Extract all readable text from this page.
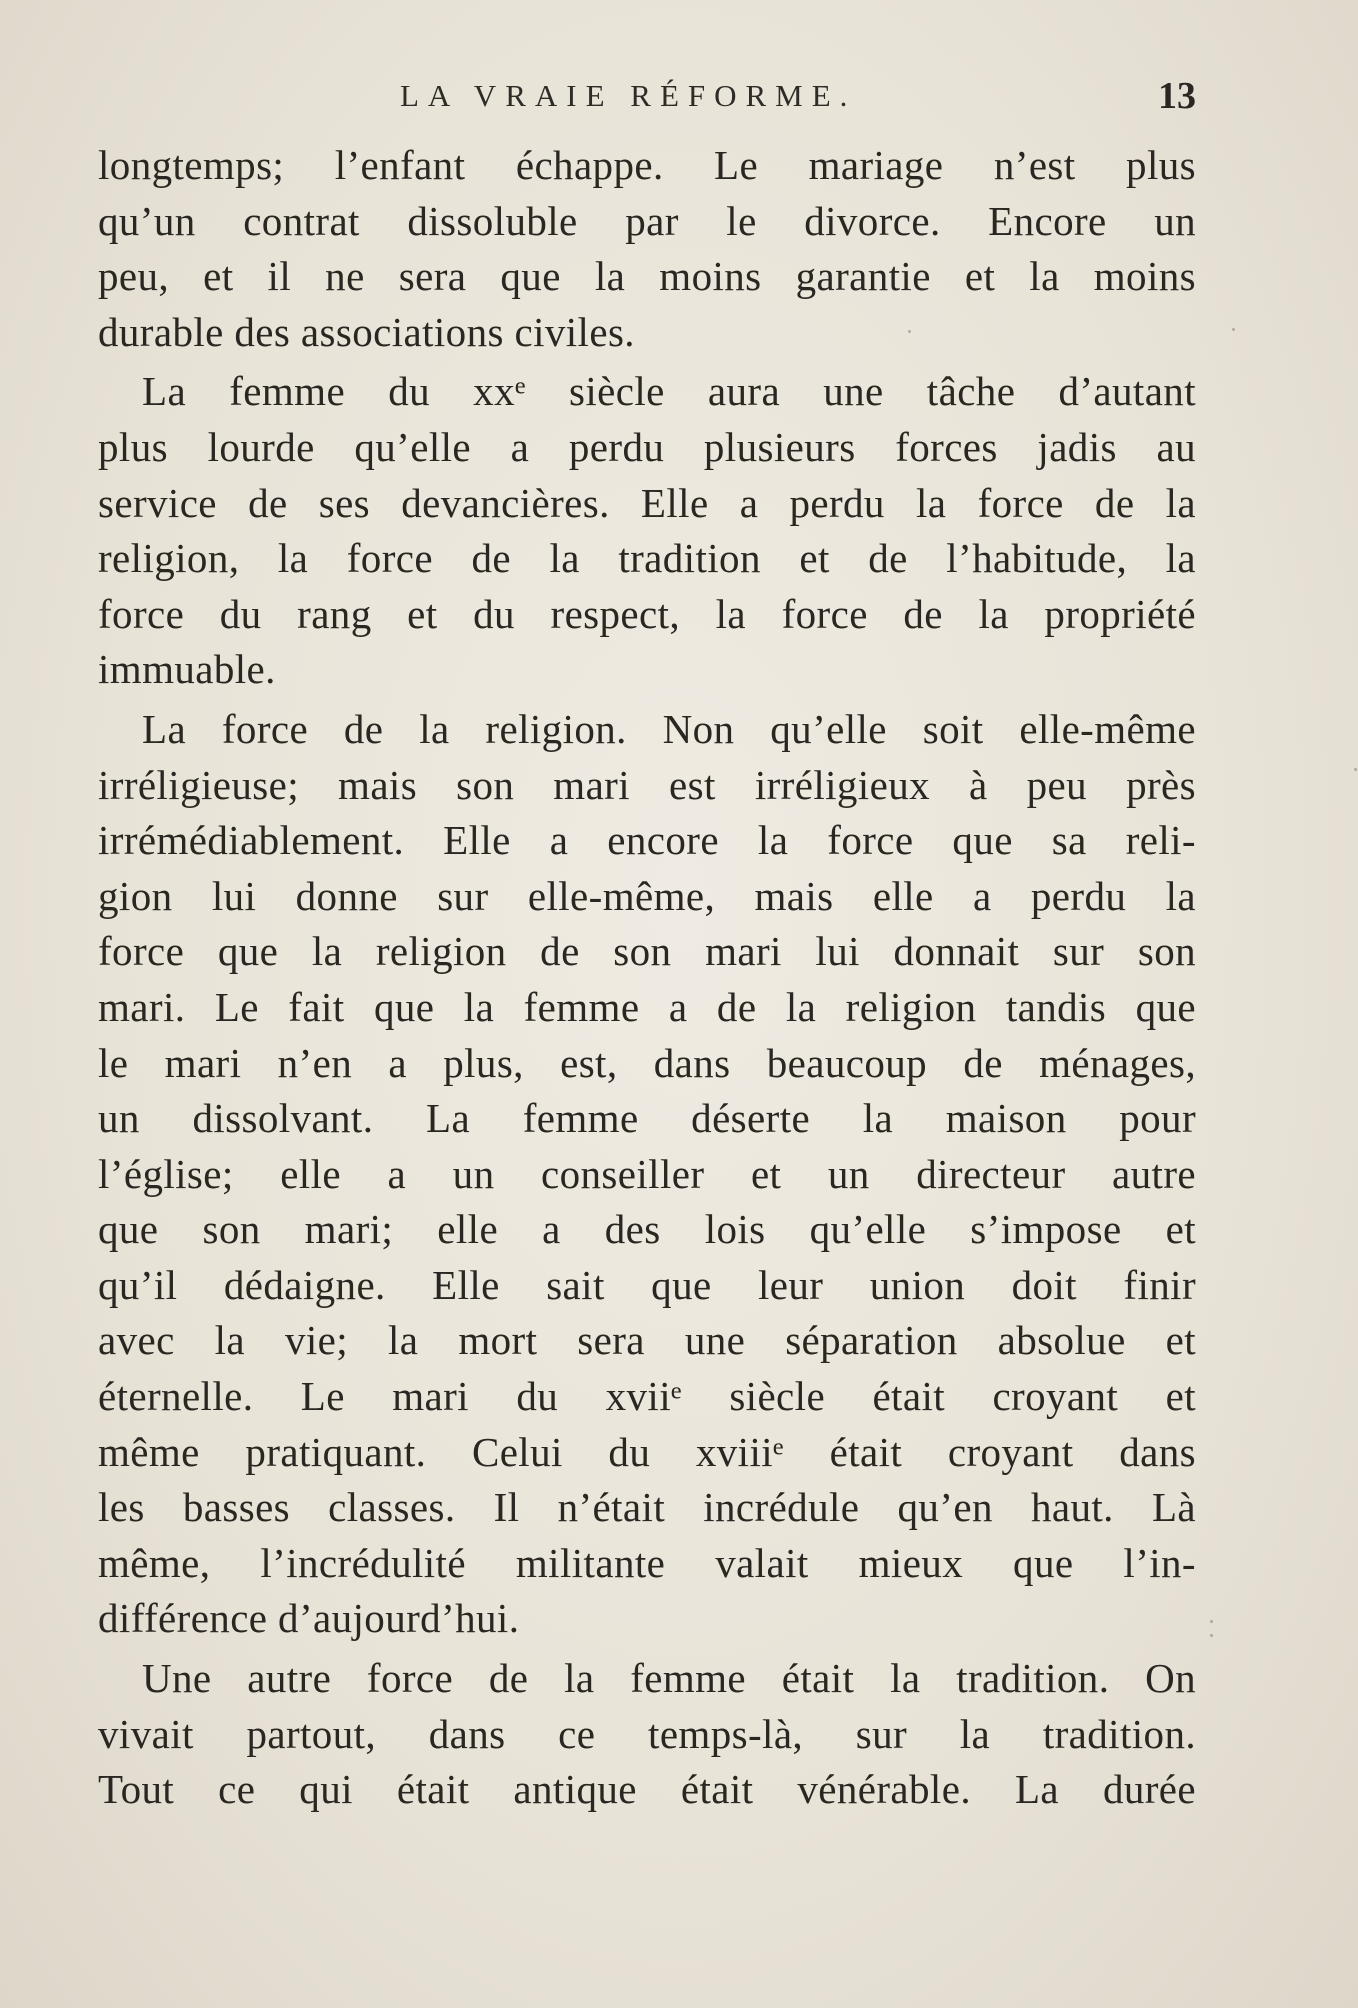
LA VRAIE RÉFORME.	13
longtemps; l’enfant échappe. Le mariage n’est plus
qu’un contrat dissoluble par le divorce. Encore un
peu, et il ne sera que la moins garantie et la moins
durable des associations civiles.
La femme du xxᵉ siècle aura une tâche d’autant
plus lourde qu’elle a perdu plusieurs forces jadis au
service de ses devancières. Elle a perdu la force de la
religion, la force de la tradition et de l’habitude, la
force du rang et du respect, la force de la propriété
immuable.
La force de la religion. Non qu’elle soit elle-même
irréligieuse; mais son mari est irréligieux à peu près
irrémédiablement. Elle a encore la force que sa reli-
gion lui donne sur elle-même, mais elle a perdu la
force que la religion de son mari lui donnait sur son
mari. Le fait que la femme a de la religion tandis que
le mari n’en a plus, est, dans beaucoup de ménages,
un dissolvant. La femme déserte la maison pour
l’église; elle a un conseiller et un directeur autre
que son mari; elle a des lois qu’elle s’impose et
qu’il dédaigne. Elle sait que leur union doit finir
avec la vie; la mort sera une séparation absolue et
éternelle. Le mari du xviiᵉ siècle était croyant et
même pratiquant. Celui du xviiiᵉ était croyant dans
les basses classes. Il n’était incrédule qu’en haut. Là
même, l’incrédulité militante valait mieux que l’in-
différence d’aujourd’hui.
Une autre force de la femme était la tradition. On
vivait partout, dans ce temps-là, sur la tradition.
Tout ce qui était antique était vénérable. La durée
